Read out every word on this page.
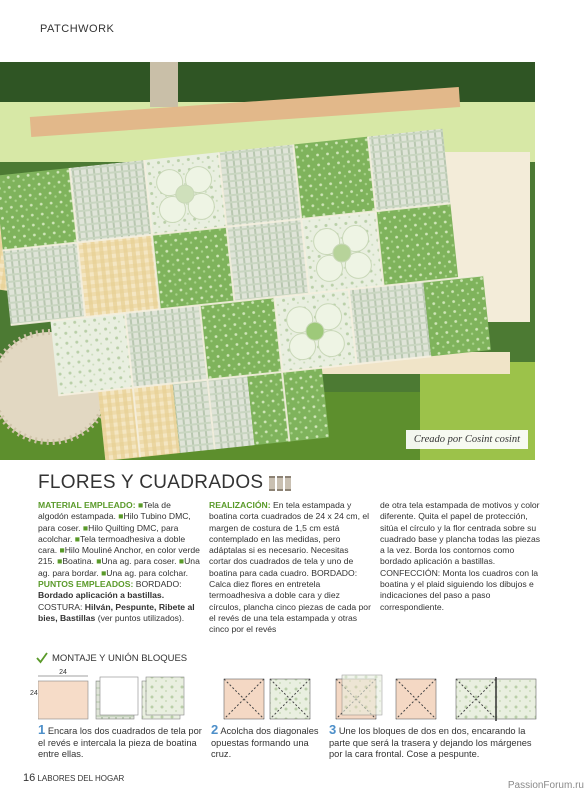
PATCHWORK
Creado por Cosint cosint
FLORES Y CUADRADOS
MATERIAL EMPLEADO: ■Tela de algodón estampada. ■Hilo Tubino DMC, para coser. ■Hilo Quilting DMC, para acolchar. ■Tela termoadhesiva a doble cara. ■Hilo Mouliné Anchor, en color verde 215. ■Boatina. ■Una ag. para coser. ■Una ag. para bordar. ■Una ag. para colchar. PUNTOS EMPLEADOS: BORDADO: Bordado aplicación a bastillas. COSTURA: Hilván, Pespunte, Ribete al bies, Bastillas (ver puntos utilizados).
REALIZACIÓN: En tela estampada y boatina corta cuadrados de 24 x 24 cm, el margen de costura de 1,5 cm está contemplado en las medidas, pero adáptalas si es necesario. Necesitas cortar dos cuadrados de tela y uno de boatina para cada cuadro. BORDADO: Calca diez flores en entretela termoadhesiva a doble cara y diez círculos, plancha cinco piezas de cada por el revés de una tela estampada y otras cinco por el revés
de otra tela estampada de motivos y color diferente. Quita el papel de protección, sitúa el círculo y la flor centrada sobre su cuadrado base y plancha todas las piezas a la vez. Borda los contornos como bordado aplicación a bastillas. CONFECCIÓN: Monta los cuadros con la boatina y el plaid siguiendo los dibujos e indicaciones del paso a paso correspondiente.
MONTAJE Y UNIÓN BLOQUES
24
24
1 Encara los dos cuadrados de tela por el revés e intercala la pieza de boatina entre ellas.
2 Acolcha dos diagonales opuestas formando una cruz.
3 Une los bloques de dos en dos, encarando la parte que será la trasera y dejando los márgenes por la cara frontal. Cose a pespunte.
16 LABORES DEL HOGAR
PassionForum.ru
